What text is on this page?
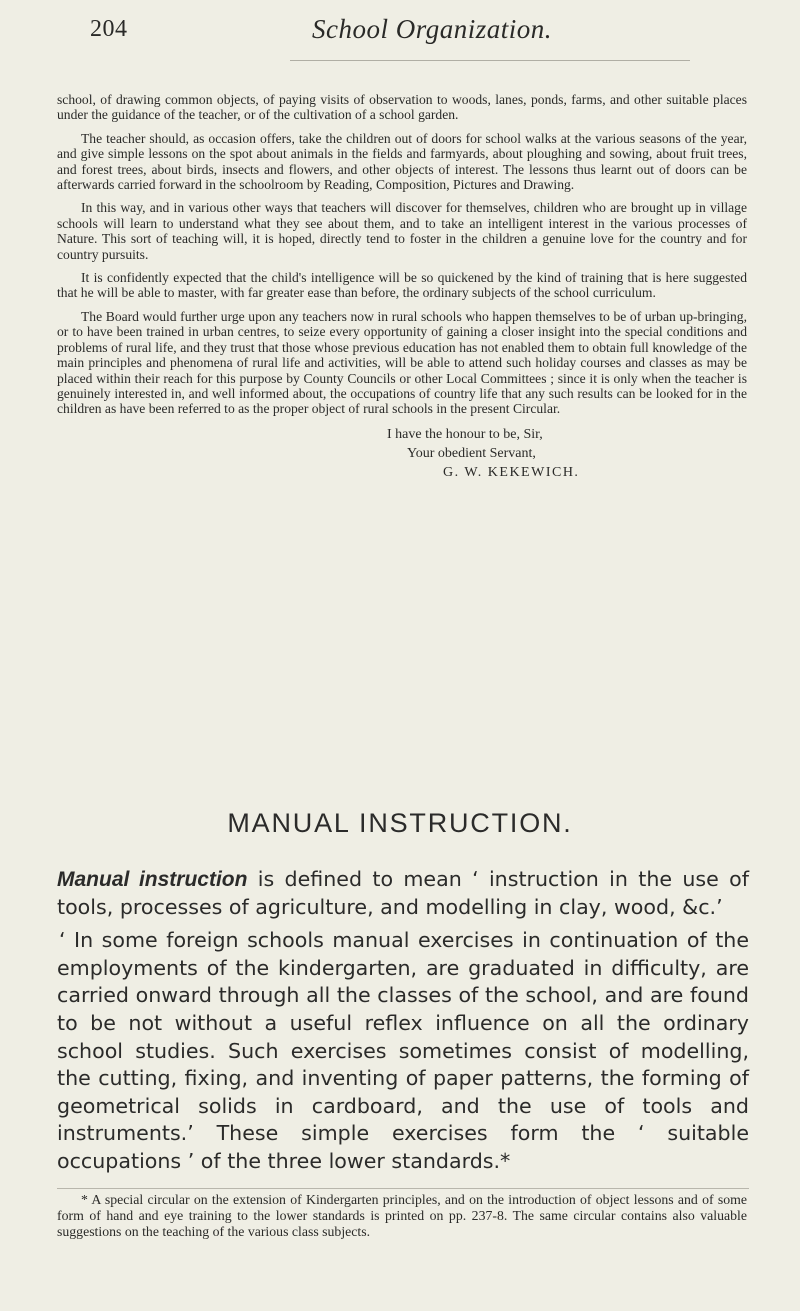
204	School Organization.

school, of drawing common objects, of paying visits of observation to woods, lanes, ponds, farms, and other suitable places under the guidance of the teacher, or of the cultivation of a school garden.

The teacher should, as occasion offers, take the children out of doors for school walks at the various seasons of the year, and give simple lessons on the spot about animals in the fields and farmyards, about ploughing and sowing, about fruit trees, and forest trees, about birds, insects and flowers, and other objects of interest. The lessons thus learnt out of doors can be afterwards carried forward in the schoolroom by Reading, Composition, Pictures and Drawing.

In this way, and in various other ways that teachers will discover for themselves, children who are brought up in village schools will learn to understand what they see about them, and to take an intelligent interest in the various processes of Nature. This sort of teaching will, it is hoped, directly tend to foster in the children a genuine love for the country and for country pursuits.

It is confidently expected that the child's intelligence will be so quickened by the kind of training that is here suggested that he will be able to master, with far greater ease than before, the ordinary subjects of the school curriculum.

The Board would further urge upon any teachers now in rural schools who happen themselves to be of urban up-bringing, or to have been trained in urban centres, to seize every opportunity of gaining a closer insight into the special conditions and problems of rural life, and they trust that those whose previous education has not enabled them to obtain full knowledge of the main principles and phenomena of rural life and activities, will be able to attend such holiday courses and classes as may be placed within their reach for this purpose by County Councils or other Local Committees ; since it is only when the teacher is genuinely interested in, and well informed about, the occupations of country life that any such results can be looked for in the children as have been referred to as the proper object of rural schools in the present Circular.

I have the honour to be, Sir,
Your obedient Servant,
G. W. KEKEWICH.
MANUAL INSTRUCTION.

Manual instruction is defined to mean ‘ instruction in the use of tools, processes of agriculture, and modelling in clay, wood, &c.’

‘ In some foreign schools manual exercises in continuation of the employments of the kindergarten, are graduated in difficulty, are carried onward through all the classes of the school, and are found to be not without a useful reflex influence on all the ordinary school studies. Such exercises sometimes consist of modelling, the cutting, fixing, and inventing of paper patterns, the forming of geometrical solids in cardboard, and the use of tools and instruments.’ These simple exercises form the ‘ suitable occupations ’ of the three lower standards.*

* A special circular on the extension of Kindergarten principles, and on the introduction of object lessons and of some form of hand and eye training to the lower standards is printed on pp. 237-8. The same circular contains also valuable suggestions on the teaching of the various class subjects.
